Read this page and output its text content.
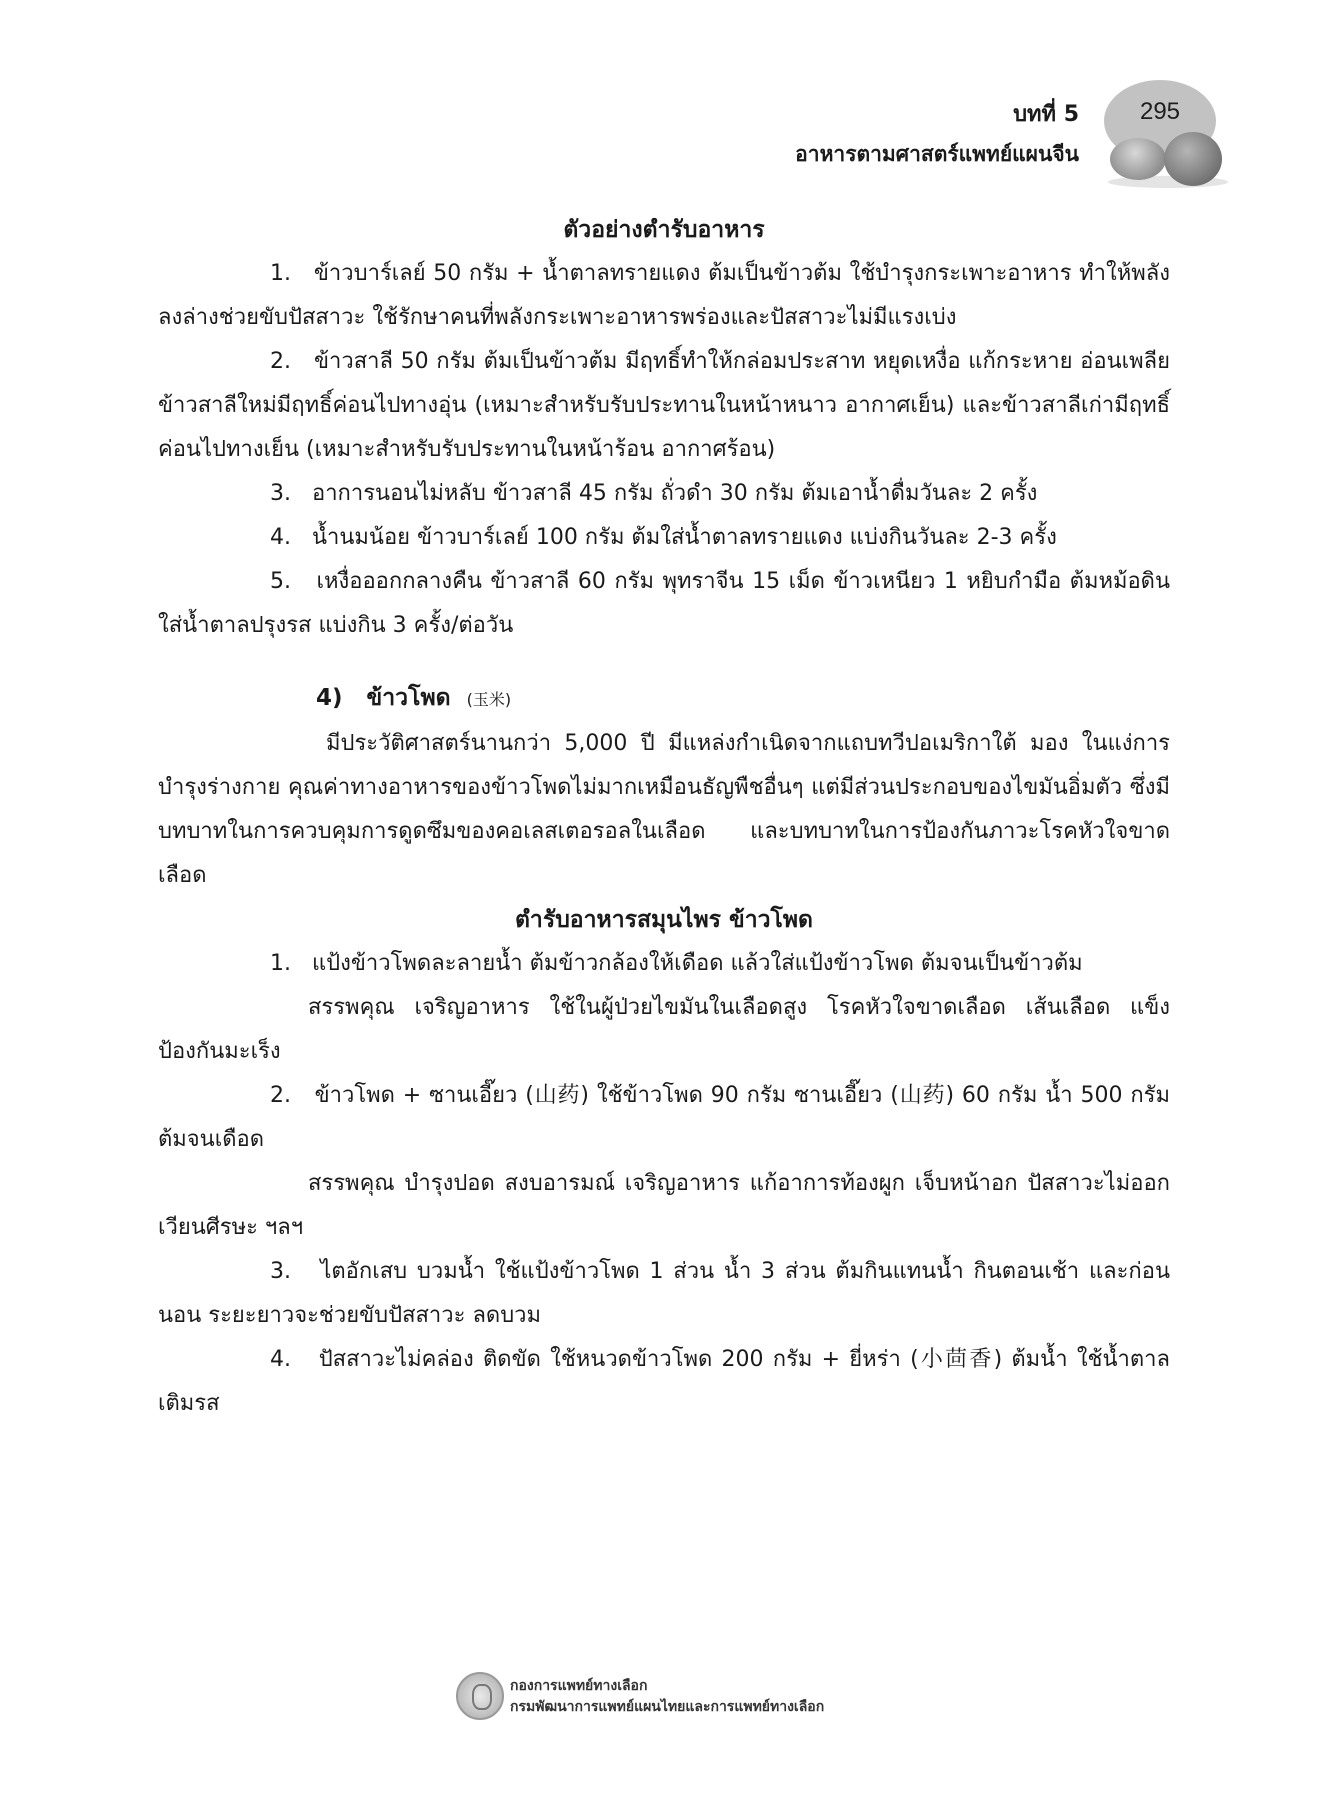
บทที่ 5
อาหารตามศาสตร์แพทย์แผนจีน
295

ตัวอย่างตำรับอาหาร

1. ข้าวบาร์เลย์ 50 กรัม + น้ำตาลทรายแดง ต้มเป็นข้าวต้ม ใช้บำรุงกระเพาะอาหาร ทำให้พลังลงล่างช่วยขับปัสสาวะ ใช้รักษาคนที่พลังกระเพาะอาหารพร่องและปัสสาวะไม่มีแรงเบ่ง

2. ข้าวสาลี 50 กรัม ต้มเป็นข้าวต้ม มีฤทธิ์ทำให้กล่อมประสาท หยุดเหงื่อ แก้กระหาย อ่อนเพลีย ข้าวสาลีใหม่มีฤทธิ์ค่อนไปทางอุ่น (เหมาะสำหรับรับประทานในหน้าหนาว อากาศเย็น) และข้าวสาลีเก่ามีฤทธิ์ค่อนไปทางเย็น (เหมาะสำหรับรับประทานในหน้าร้อน อากาศร้อน)

3. อาการนอนไม่หลับ ข้าวสาลี 45 กรัม ถั่วดำ 30 กรัม ต้มเอาน้ำดื่มวันละ 2 ครั้ง

4. น้ำนมน้อย ข้าวบาร์เลย์ 100 กรัม ต้มใส่น้ำตาลทรายแดง แบ่งกินวันละ 2-3 ครั้ง

5. เหงื่อออกกลางคืน ข้าวสาลี 60 กรัม พุทราจีน 15 เม็ด ข้าวเหนียว 1 หยิบกำมือ ต้มหม้อดิน ใส่น้ำตาลปรุงรส แบ่งกิน 3 ครั้ง/ต่อวัน

4) ข้าวโพด (玉米)

มีประวัติศาสตร์นานกว่า 5,000 ปี มีแหล่งกำเนิดจากแถบทวีปอเมริกาใต้ มอง ในแง่การบำรุงร่างกาย คุณค่าทางอาหารของข้าวโพดไม่มากเหมือนธัญพืชอื่นๆ แต่มีส่วนประกอบของไขมันอิ่มตัว ซึ่งมีบทบาทในการควบคุมการดูดซึมของคอเลสเตอรอลในเลือด และบทบาทในการป้องกันภาวะโรคหัวใจขาดเลือด

ตำรับอาหารสมุนไพร ข้าวโพด

1. แป้งข้าวโพดละลายน้ำ ต้มข้าวกล้องให้เดือด แล้วใส่แป้งข้าวโพด ต้มจนเป็นข้าวต้ม

สรรพคุณ เจริญอาหาร ใช้ในผู้ป่วยไขมันในเลือดสูง โรคหัวใจขาดเลือด เส้นเลือด แข็ง ป้องกันมะเร็ง

2. ข้าวโพด + ซานเอี๊ยว (山药) ใช้ข้าวโพด 90 กรัม ซานเอี๊ยว (山药) 60 กรัม น้ำ 500 กรัม ต้มจนเดือด

สรรพคุณ บำรุงปอด สงบอารมณ์ เจริญอาหาร แก้อาการท้องผูก เจ็บหน้าอก ปัสสาวะไม่ออก เวียนศีรษะ ฯลฯ

3. ไตอักเสบ บวมน้ำ ใช้แป้งข้าวโพด 1 ส่วน น้ำ 3 ส่วน ต้มกินแทนน้ำ กินตอนเช้า และก่อนนอน ระยะยาวจะช่วยขับปัสสาวะ ลดบวม

4. ปัสสาวะไม่คล่อง ติดขัด ใช้หนวดข้าวโพด 200 กรัม + ยี่หร่า (小茴香) ต้มน้ำ ใช้น้ำตาลเติมรส

กองการแพทย์ทางเลือก
กรมพัฒนาการแพทย์แผนไทยและการแพทย์ทางเลือก
